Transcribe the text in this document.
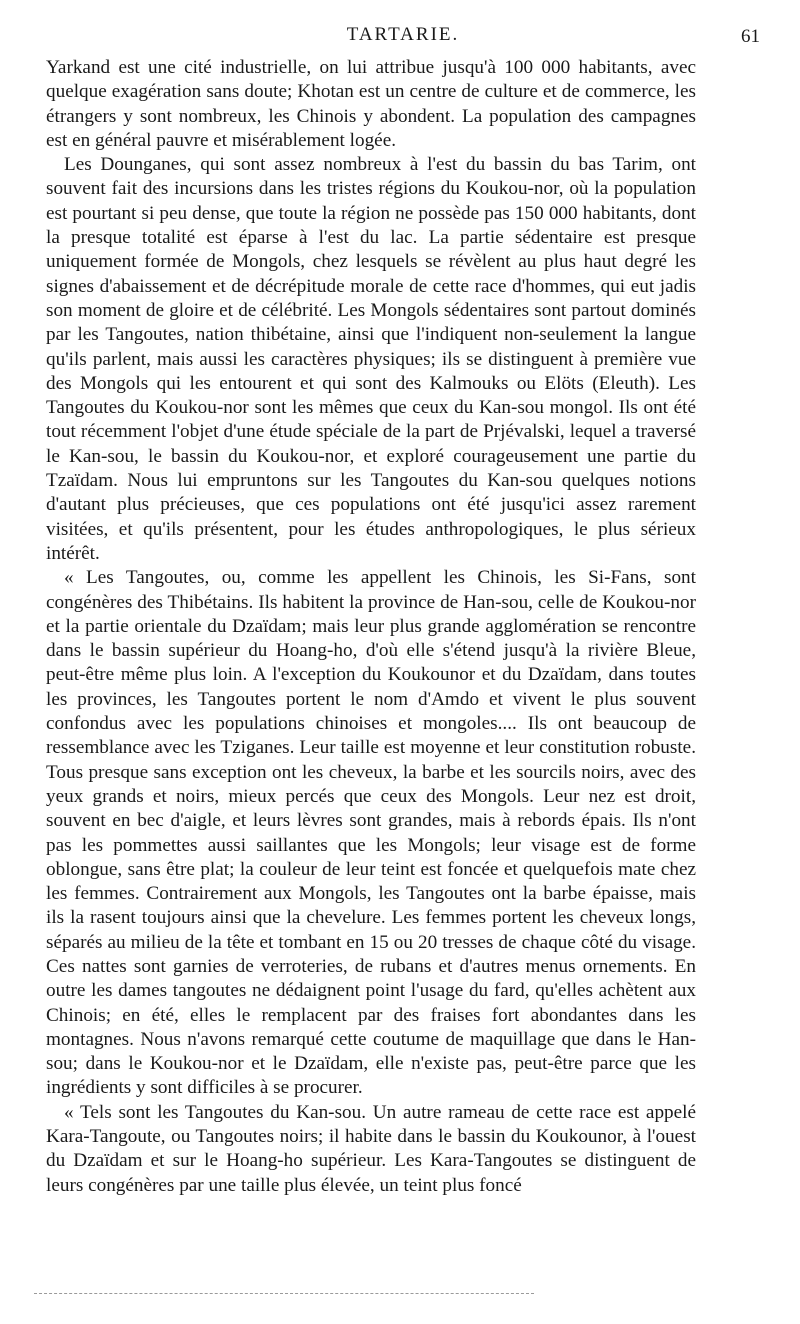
TARTARIE.	61

Yarkand est une cité industrielle, on lui attribue jusqu'à 100 000 habitants, avec quelque exagération sans doute; Khotan est un centre de culture et de commerce, les étrangers y sont nombreux, les Chinois y abondent. La population des campagnes est en général pauvre et misérablement logée.

Les Dounganes, qui sont assez nombreux à l'est du bassin du bas Tarim, ont souvent fait des incursions dans les tristes régions du Koukou-nor, où la population est pourtant si peu dense, que toute la région ne possède pas 150 000 habitants, dont la presque totalité est éparse à l'est du lac. La partie sédentaire est presque uniquement formée de Mongols, chez lesquels se révèlent au plus haut degré les signes d'abaissement et de décrépitude morale de cette race d'hommes, qui eut jadis son moment de gloire et de célébrité. Les Mongols sédentaires sont partout dominés par les Tangoutes, nation thibétaine, ainsi que l'indiquent non-seulement la langue qu'ils parlent, mais aussi les caractères physiques; ils se distinguent à première vue des Mongols qui les entourent et qui sont des Kalmouks ou Elöts (Eleuth). Les Tangoutes du Koukou-nor sont les mêmes que ceux du Kan-sou mongol. Ils ont été tout récemment l'objet d'une étude spéciale de la part de Prjévalski, lequel a traversé le Kan-sou, le bassin du Koukou-nor, et exploré courageusement une partie du Tzaïdam. Nous lui empruntons sur les Tangoutes du Kan-sou quelques notions d'autant plus précieuses, que ces populations ont été jusqu'ici assez rarement visitées, et qu'ils présentent, pour les études anthropologiques, le plus sérieux intérêt.

« Les Tangoutes, ou, comme les appellent les Chinois, les Si-Fans, sont congénères des Thibétains. Ils habitent la province de Han-sou, celle de Koukou-nor et la partie orientale du Dzaïdam; mais leur plus grande agglomération se rencontre dans le bassin supérieur du Hoang-ho, d'où elle s'étend jusqu'à la rivière Bleue, peut-être même plus loin. A l'exception du Koukounor et du Dzaïdam, dans toutes les provinces, les Tangoutes portent le nom d'Amdo et vivent le plus souvent confondus avec les populations chinoises et mongoles.... Ils ont beaucoup de ressemblance avec les Tziganes. Leur taille est moyenne et leur constitution robuste. Tous presque sans exception ont les cheveux, la barbe et les sourcils noirs, avec des yeux grands et noirs, mieux percés que ceux des Mongols. Leur nez est droit, souvent en bec d'aigle, et leurs lèvres sont grandes, mais à rebords épais. Ils n'ont pas les pommettes aussi saillantes que les Mongols; leur visage est de forme oblongue, sans être plat; la couleur de leur teint est foncée et quelquefois mate chez les femmes. Contrairement aux Mongols, les Tangoutes ont la barbe épaisse, mais ils la rasent toujours ainsi que la chevelure. Les femmes portent les cheveux longs, séparés au milieu de la tête et tombant en 15 ou 20 tresses de chaque côté du visage. Ces nattes sont garnies de verroteries, de rubans et d'autres menus ornements. En outre les dames tangoutes ne dédaignent point l'usage du fard, qu'elles achètent aux Chinois; en été, elles le remplacent par des fraises fort abondantes dans les montagnes. Nous n'avons remarqué cette coutume de maquillage que dans le Han-sou; dans le Koukou-nor et le Dzaïdam, elle n'existe pas, peut-être parce que les ingrédients y sont difficiles à se procurer.

« Tels sont les Tangoutes du Kan-sou. Un autre rameau de cette race est appelé Kara-Tangoute, ou Tangoutes noirs; il habite dans le bassin du Koukounor, à l'ouest du Dzaïdam et sur le Hoang-ho supérieur. Les Kara-Tangoutes se distinguent de leurs congénères par une taille plus élevée, un teint plus foncé
